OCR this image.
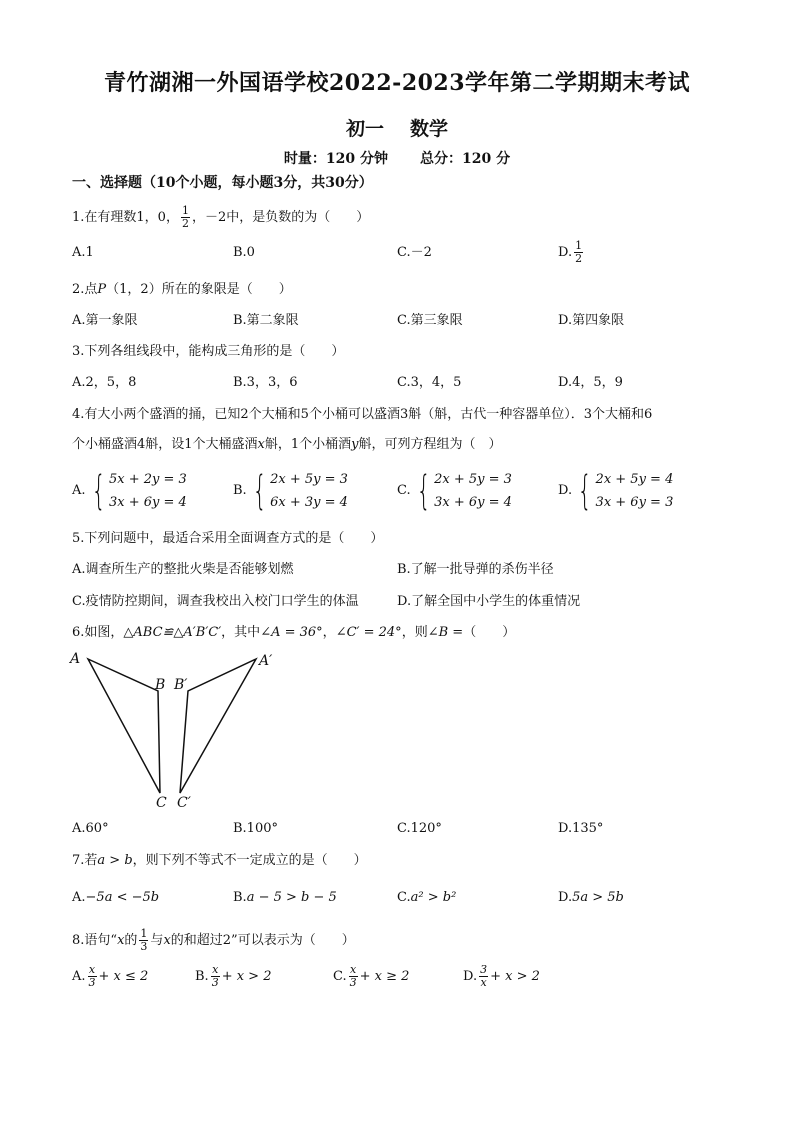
青竹湖湘一外国语学校2022-2023学年第二学期期末考试
初一 数学
时量：120 分钟 总分：120 分
一、选择题（10个小题，每小题3分，共30分）
1.在有理数1，0， $\frac{1}{2}$ ，－2中，是负数的为（　　）
A.1	B.0	C.－2	D. $\frac{1}{2}$
2.点P（1，2）所在的象限是（　　）
A.第一象限	B.第二象限	C.第三象限	D.第四象限
3.下列各组线段中，能构成三角形的是（　　）
A.2，5，8	B.3，3，6	C.3，4，5	D.4，5，9
4.有大小两个盛酒的捅，已知2个大桶和5个小桶可以盛酒3斛（斛，古代一种容器单位）．3个大桶和6
个小桶盛酒4斛，设1个大桶盛酒x斛，1个小桶酒y斛，可列方程组为（　）
A. { 5x + 2y = 3
3x + 6y = 4
B. { 2x + 5y = 3
6x + 3y = 4
C. { 2x + 5y = 3
3x + 6y = 4
D. { 2x + 5y = 4
3x + 6y = 3
5.下列问题中，最适合采用全面调查方式的是（　　）
A.调查所生产的整批火柴是否能够划燃	B.了解一批导弹的杀伤半径
C.疫情防控期间，调查我校出入校门口学生的体温	D.了解全国中小学生的体重情况
6.如图，△ABC≌△A′B′C′，其中∠A = 36°，∠C′ = 24°，则∠B =（　　）
A
B B′
A′
C C′
A.60°	B.100°	C.120°	D.135°
7.若a > b，则下列不等式不一定成立的是（　　）
A.−5a < −5b	B.a − 5 > b − 5	C.a² > b²	D.5a > 5b
8.语句“x的 $\frac{1}{3}$ 与x的和超过2”可以表示为（　　）
A. $\frac{x}{3} + x \le 2$	B. $\frac{x}{3} + x > 2$	C. $\frac{x}{3} + x \ge 2$	D. $\frac{3}{x} + x > 2$
